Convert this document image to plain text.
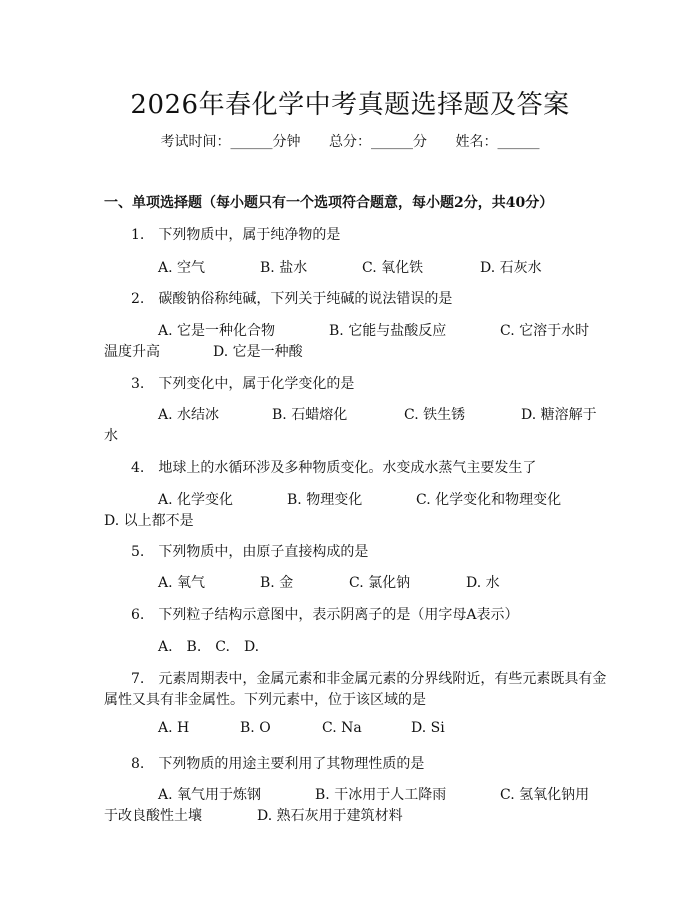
2026年春化学中考真题选择题及答案
考试时间：______分钟 总分：______分 姓名：______
一、单项选择题（每小题只有一个选项符合题意，每小题2分，共40分）
1.　下列物质中，属于纯净物的是
A. 空气	B. 盐水	C. 氧化铁	D. 石灰水
2.　碳酸钠俗称纯碱，下列关于纯碱的说法错误的是
A. 它是一种化合物	B. 它能与盐酸反应	C. 它溶于水时
温度升高	D. 它是一种酸
3.　下列变化中，属于化学变化的是
A. 水结冰	B. 石蜡熔化	C. 铁生锈	D. 糖溶解于
水
4.　地球上的水循环涉及多种物质变化。水变成水蒸气主要发生了
A. 化学变化	B. 物理变化	C. 化学变化和物理变化
D. 以上都不是
5.　下列物质中，由原子直接构成的是
A. 氧气	B. 金	C. 氯化钠	D. 水
6.　下列粒子结构示意图中，表示阴离子的是（用字母A表示）
A.　B.　C.　D.
7.　元素周期表中，金属元素和非金属元素的分界线附近，有些元素既具有金
属性又具有非金属性。下列元素中，位于该区域的是
A. H	B. O	C. Na	D. Si
8.　下列物质的用途主要利用了其物理性质的是
A. 氧气用于炼钢	B. 干冰用于人工降雨	C. 氢氧化钠用
于改良酸性土壤	D. 熟石灰用于建筑材料
